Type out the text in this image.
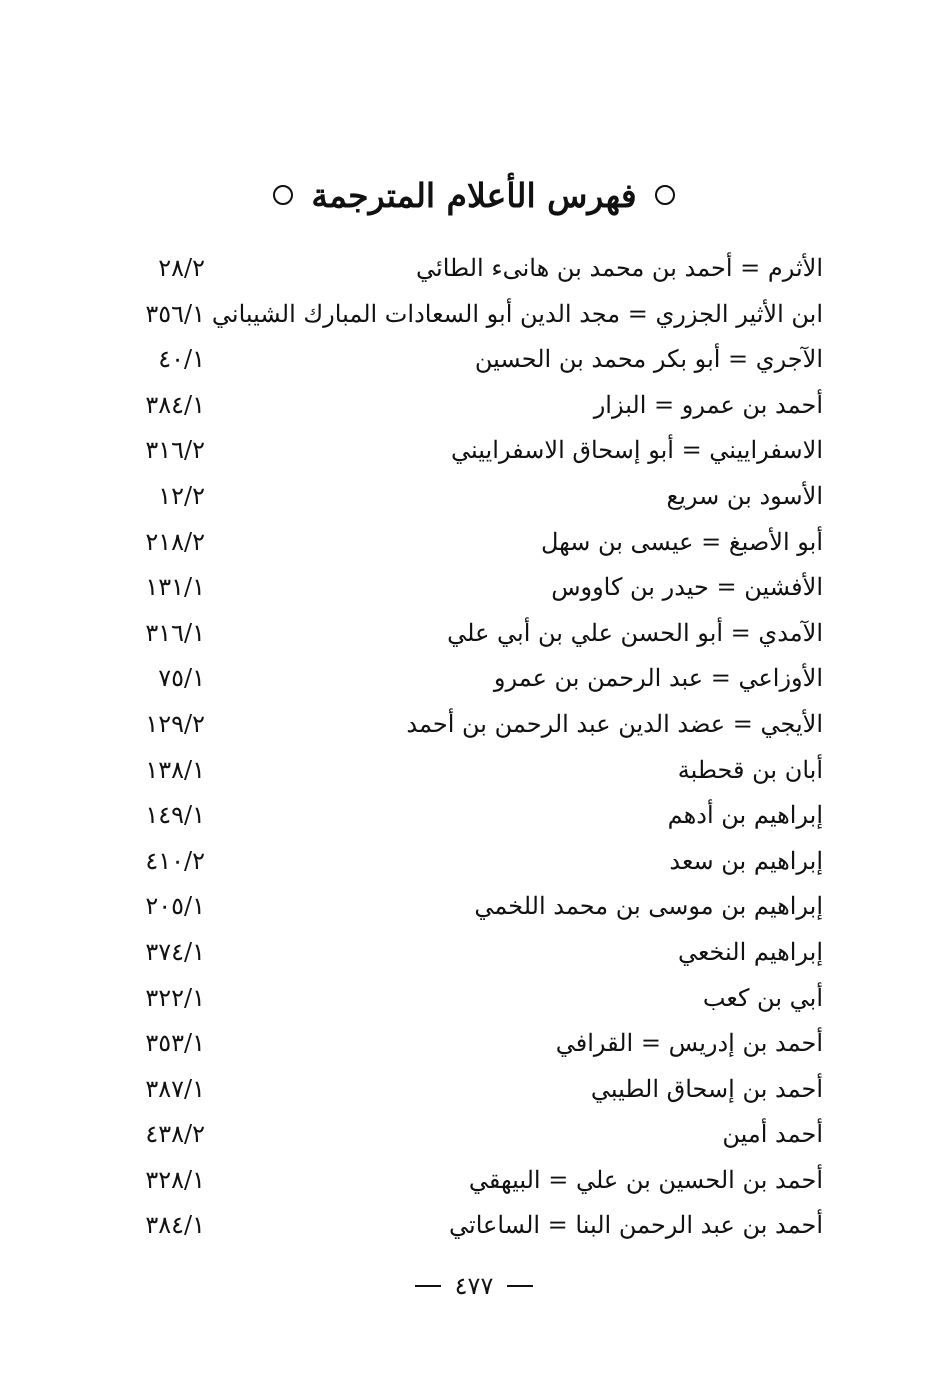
فهرس الأعلام المترجمة
الأثرم = أحمد بن محمد بن هانىء الطائي
٢٨/٢
ابن الأثير الجزري = مجد الدين أبو السعادات المبارك الشيباني
٣٥٦/١
الآجري = أبو بكر محمد بن الحسين
٤٠/١
أحمد بن عمرو = البزار
٣٨٤/١
الاسفراييني = أبو إسحاق الاسفراييني
٣١٦/٢
الأسود بن سريع
١٢/٢
أبو الأصبغ = عيسى بن سهل
٢١٨/٢
الأفشين = حيدر بن كاووس
١٣١/١
الآمدي = أبو الحسن علي بن أبي علي
٣١٦/١
الأوزاعي = عبد الرحمن بن عمرو
٧٥/١
الأيجي = عضد الدين عبد الرحمن بن أحمد
١٢٩/٢
أبان بن قحطبة
١٣٨/١
إبراهيم بن أدهم
١٤٩/١
إبراهيم بن سعد
٤١٠/٢
إبراهيم بن موسى بن محمد اللخمي
٢٠٥/١
إبراهيم النخعي
٣٧٤/١
أبي بن كعب
٣٢٢/١
أحمد بن إدريس = القرافي
٣٥٣/١
أحمد بن إسحاق الطيبي
٣٨٧/١
أحمد أمين
٤٣٨/٢
أحمد بن الحسين بن علي = البيهقي
٣٢٨/١
أحمد بن عبد الرحمن البنا = الساعاتي
٣٨٤/١
٤٧٧
